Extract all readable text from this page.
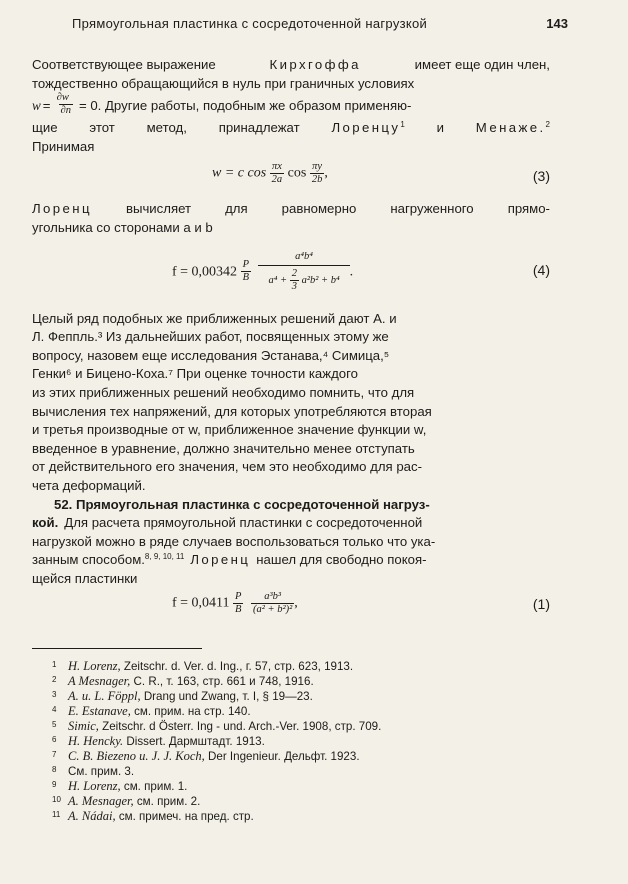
Прямоугольная пластинка с сосредоточенной нагрузкой	143
Соответствующее выражение	Кирхгоффа	имеет еще один член,
тождественно обращающийся в нуль при граничных условиях
$w = \frac{\partial w}{\partial n} = 0$. Другие работы, подобным же образом применяю-
щие этот метод, принадлежат Лоренцу$^1$ и Менаже.$^2$
Принимая
w = c $\cos \frac{\pi x}{2a}$ $\cos \frac{\pi y}{2b}$ ,	(3)
Лоренц	вычисляет	для	равномерно	нагруженного	прямо-
угольника со сторонами a и b
$f = 0,00342 \frac{P}{B}$

a⁴b⁴
$a^4 + \frac{2}{3} a^2b^2 + b^4$
.	(4)
Целый ряд подобных же приближенных решений дают А. и
Л. Феппль.³ Из дальнейших работ, посвященных этому же
вопросу, назовем еще исследования Эстанава,⁴ Симица,⁵
Генки⁶ и Бицено-Коха.⁷ При оценке точности каждого
из этих приближенных решений необходимо помнить, что для
вычисления тех напряжений, для которых употребляются вторая
и третья производные от w, приближенное значение функции w,
введенное в уравнение, должно значительно менее отступать
от действительного его значения, чем это необходимо для рас-
чета деформаций.
52. Прямоугольная пластинка с сосредоточенной нагруз-
кой. Для расчета прямоугольной пластинки с сосредоточенной
нагрузкой можно в ряде случаев воспользоваться только что ука-
занным способом.$^{8, 9, 10, 11}$ Лоренц нашел для свободно покоя-
щейся пластинки
$f = 0,0411 \frac{P}{B}$
$\frac{\text{a³b³}}{\text{(a² + b²)²}}$ ,	(1)
1 H. Lorenz, Zeitschr. d. Ver. d. Ing., г. 57, стр. 623, 1913.
2 A Mesnager, C. R., т. 163, стр. 661 и 748, 1916.
3 A. u. L. Föppl, Drang und Zwang, т. I, § 19—23.
4 E. Estanave, см. прим. на стр. 140.
5 Simic, Zeitschr. d Österr. Ing - und. Arch.-Ver. 1908, стр. 709.
6 H. Hencky. Dissert. Дармштадт. 1913.
7 C. B. Biezeno u. J. J. Koch, Der Ingenieur. Дельфт. 1923.
8 См. прим. 3.
9 H. Lorenz, см. прим. 1.
10 A. Mesnager, см. прим. 2.
11 A. Nádai, см. примеч. на пред. стр.
